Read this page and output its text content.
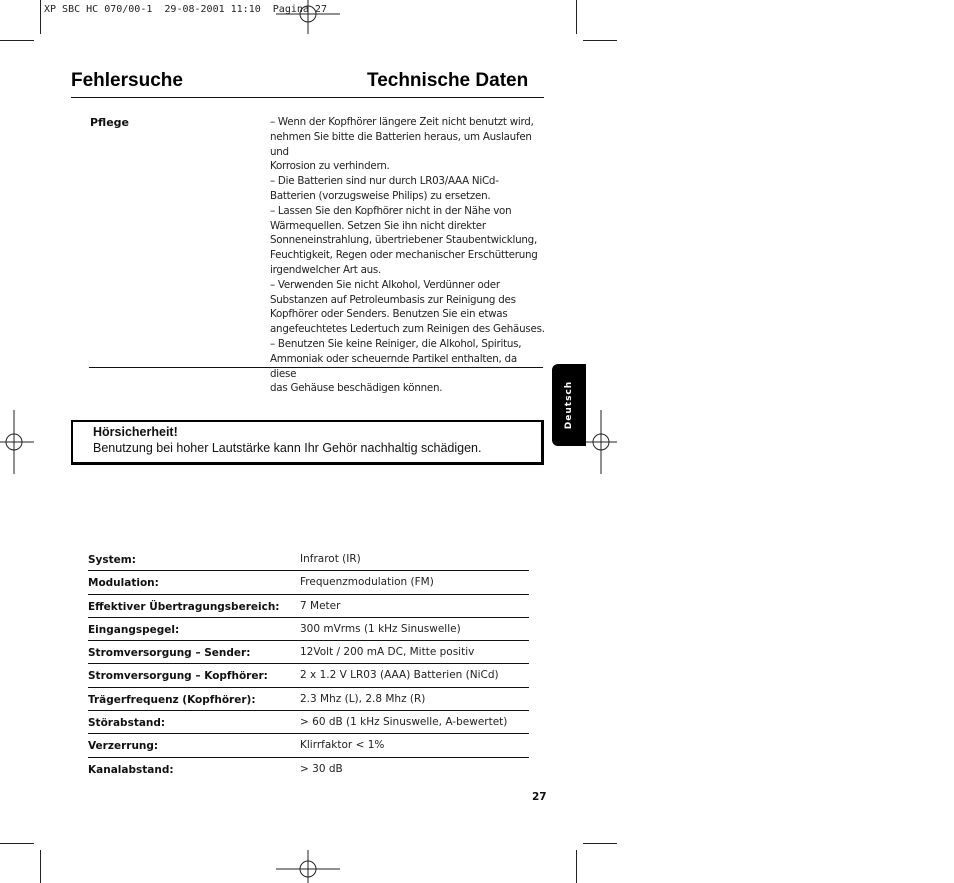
XP SBC HC 070/00-1  29-08-2001 11:10  Pagina 27
Fehlersuche	Technische Daten
Pflege	– Wenn der Kopfhörer längere Zeit nicht benutzt wird,
nehmen Sie bitte die Batterien heraus, um Auslaufen und
Korrosion zu verhindern.
– Die Batterien sind nur durch LR03/AAA NiCd-
Batterien (vorzugsweise Philips) zu ersetzen.
– Lassen Sie den Kopfhörer nicht in der Nähe von
Wärmequellen. Setzen Sie ihn nicht direkter
Sonneneinstrahlung, übertriebener Staubentwicklung,
Feuchtigkeit, Regen oder mechanischer Erschütterung
irgendwelcher Art aus.
– Verwenden Sie nicht Alkohol, Verdünner oder
Substanzen auf Petroleumbasis zur Reinigung des
Kopfhörer oder Senders. Benutzen Sie ein etwas
angefeuchtetes Ledertuch zum Reinigen des Gehäuses.
– Benutzen Sie keine Reiniger, die Alkohol, Spiritus,
Ammoniak oder scheuernde Partikel enthalten, da diese
das Gehäuse beschädigen können.	Deutsch
Hörsicherheit!
Benutzung bei hoher Lautstärke kann Ihr Gehör nachhaltig schädigen.
System:	Infrarot (IR)
Modulation:	Frequenzmodulation (FM)
Effektiver Übertragungsbereich: 7 Meter
Eingangspegel:	300 mVrms (1 kHz Sinuswelle)
Stromversorgung – Sender:	12Volt / 200 mA DC, Mitte positiv
Stromversorgung – Kopfhörer:	2 x 1.2 V LR03 (AAA) Batterien (NiCd)
Trägerfrequenz (Kopfhörer):	2.3 Mhz (L), 2.8 Mhz (R)
Störabstand:	> 60 dB (1 kHz Sinuswelle, A-bewertet)
Verzerrung:	Klirrfaktor < 1%
Kanalabstand:	> 30 dB
27
